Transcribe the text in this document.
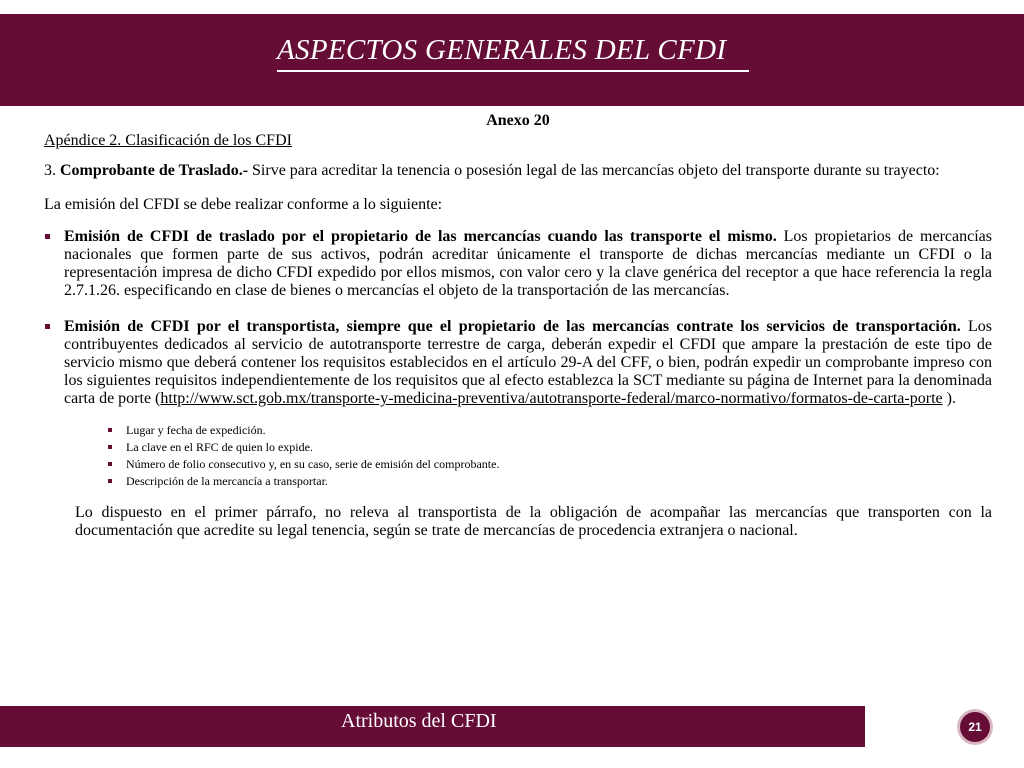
ASPECTOS GENERALES DEL CFDI

Anexo 20

Apéndice 2. Clasificación de los CFDI

3. Comprobante de Traslado.- Sirve para acreditar la tenencia o posesión legal de las mercancías objeto del transporte durante su trayecto:

La emisión del CFDI se debe realizar conforme a lo siguiente:

Emisión de CFDI de traslado por el propietario de las mercancías cuando las transporte el mismo. Los propietarios de mercancías nacionales que formen parte de sus activos, podrán acreditar únicamente el transporte de dichas mercancías mediante un CFDI o la representación impresa de dicho CFDI expedido por ellos mismos, con valor cero y la clave genérica del receptor a que hace referencia la regla 2.7.1.26. especificando en clase de bienes o mercancías el objeto de la transportación de las mercancías.
Emisión de CFDI por el transportista, siempre que el propietario de las mercancías contrate los servicios de transportación. Los contribuyentes dedicados al servicio de autotransporte terrestre de carga, deberán expedir el CFDI que ampare la prestación de este tipo de servicio mismo que deberá contener los requisitos establecidos en el artículo 29-A del CFF, o bien, podrán expedir un comprobante impreso con los siguientes requisitos independientemente de los requisitos que al efecto establezca la SCT mediante su página de Internet para la denominada carta de porte (http://www.sct.gob.mx/transporte-y-medicina-preventiva/autotransporte-federal/marco-normativo/formatos-de-carta-porte ).
Lugar y fecha de expedición.
La clave en el RFC de quien lo expide.
Número de folio consecutivo y, en su caso, serie de emisión del comprobante.
Descripción de la mercancía a transportar.

Lo dispuesto en el primer párrafo, no releva al transportista de la obligación de acompañar las mercancías que transporten con la documentación que acredite su legal tenencia, según se trate de mercancías de procedencia extranjera o nacional.

Atributos del CFDI	21
